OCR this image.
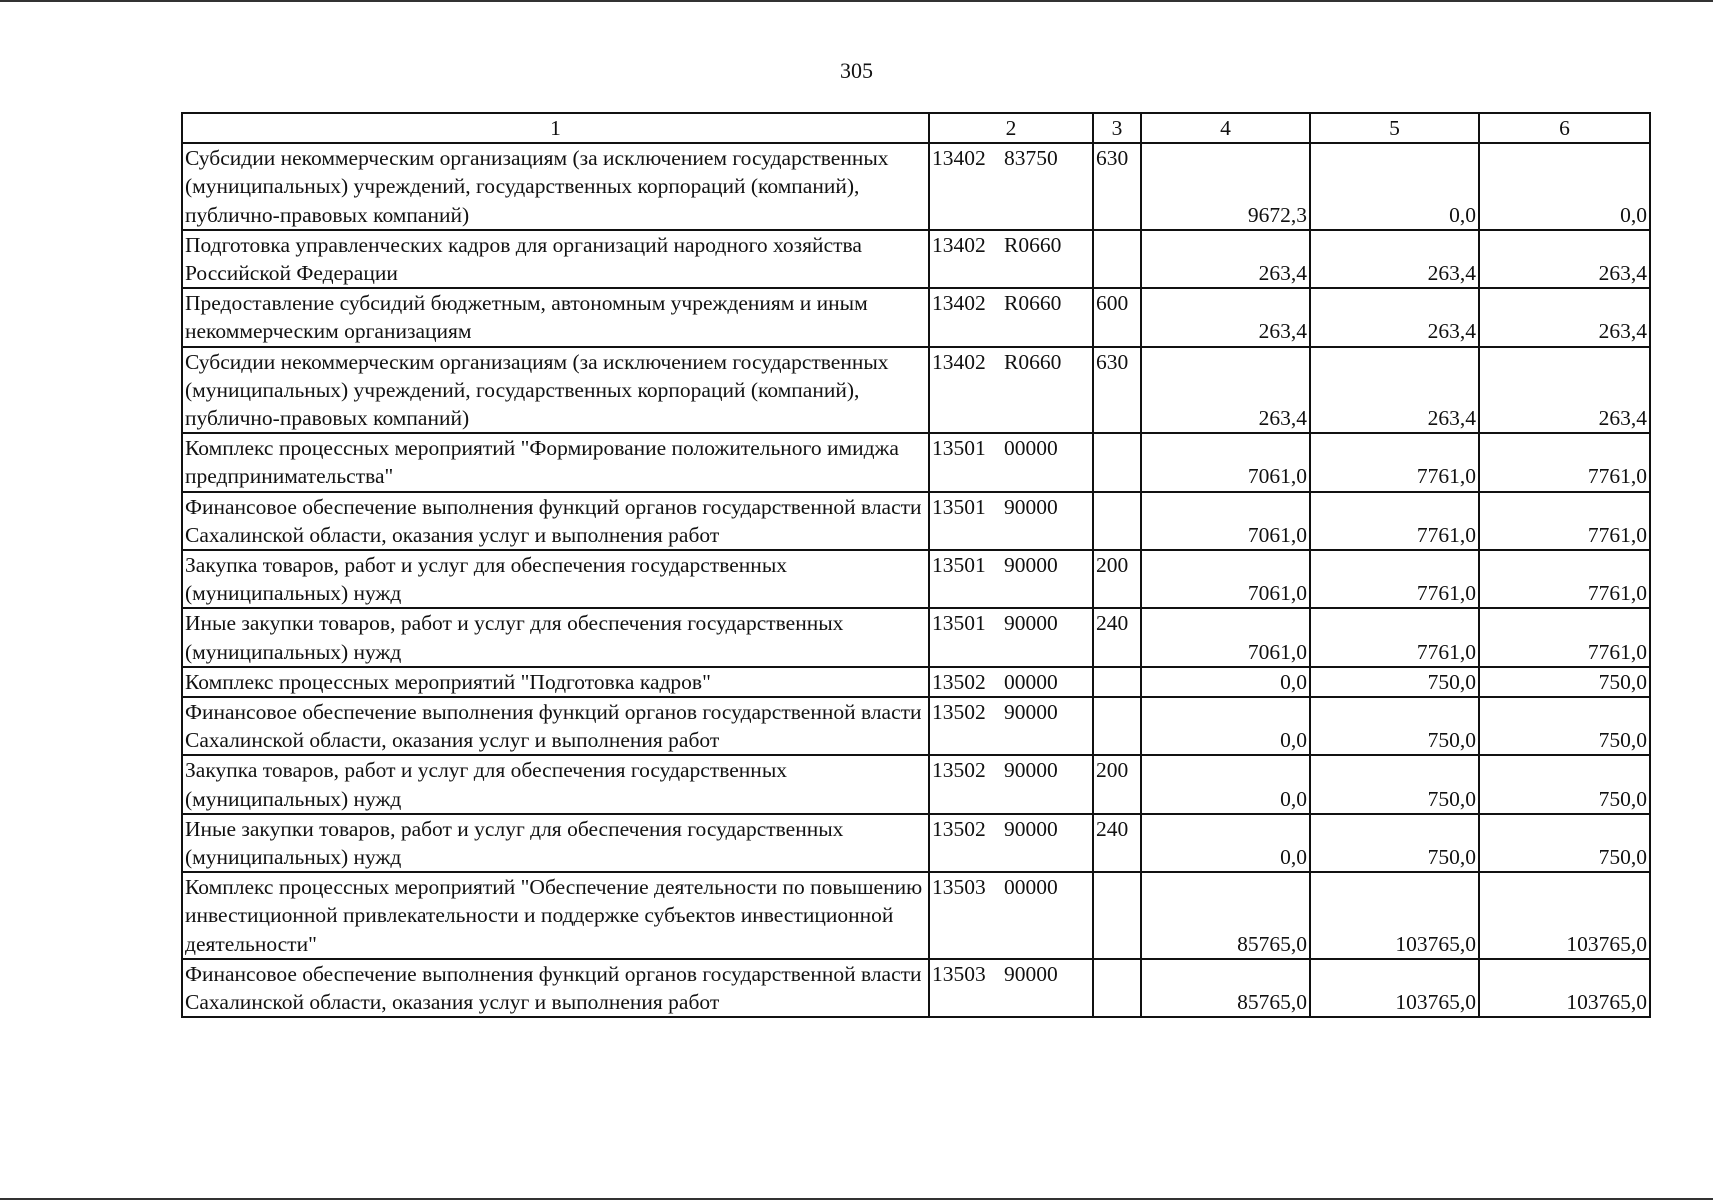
305
1	2	3	4	5	6
Субсидии некоммерческим организациям (за исключением государственных (муниципальных) учреждений, государственных корпораций (компаний), публично-правовых компаний)	13402 83750	630	9672,3	0,0	0,0
Подготовка управленческих кадров для организаций народного хозяйства Российской Федерации	13402 R0660		263,4	263,4	263,4
Предоставление субсидий бюджетным, автономным учреждениям и иным некоммерческим организациям	13402 R0660	600	263,4	263,4	263,4
Субсидии некоммерческим организациям (за исключением государственных (муниципальных) учреждений, государственных корпораций (компаний), публично-правовых компаний)	13402 R0660	630	263,4	263,4	263,4
Комплекс процессных мероприятий "Формирование положительного имиджа предпринимательства"	13501 00000		7061,0	7761,0	7761,0
Финансовое обеспечение выполнения функций органов государственной власти Сахалинской области, оказания услуг и выполнения работ	13501 90000		7061,0	7761,0	7761,0
Закупка товаров, работ и услуг для обеспечения государственных (муниципальных) нужд	13501 90000	200	7061,0	7761,0	7761,0
Иные закупки товаров, работ и услуг для обеспечения государственных (муниципальных) нужд	13501 90000	240	7061,0	7761,0	7761,0
Комплекс процессных мероприятий "Подготовка кадров"	13502 00000		0,0	750,0	750,0
Финансовое обеспечение выполнения функций органов государственной власти Сахалинской области, оказания услуг и выполнения работ	13502 90000		0,0	750,0	750,0
Закупка товаров, работ и услуг для обеспечения государственных (муниципальных) нужд	13502 90000	200	0,0	750,0	750,0
Иные закупки товаров, работ и услуг для обеспечения государственных (муниципальных) нужд	13502 90000	240	0,0	750,0	750,0
Комплекс процессных мероприятий "Обеспечение деятельности по повышению инвестиционной привлекательности и поддержке субъектов инвестиционной деятельности"	13503 00000		85765,0	103765,0	103765,0
Финансовое обеспечение выполнения функций органов государственной власти Сахалинской области, оказания услуг и выполнения работ	13503 90000		85765,0	103765,0	103765,0
